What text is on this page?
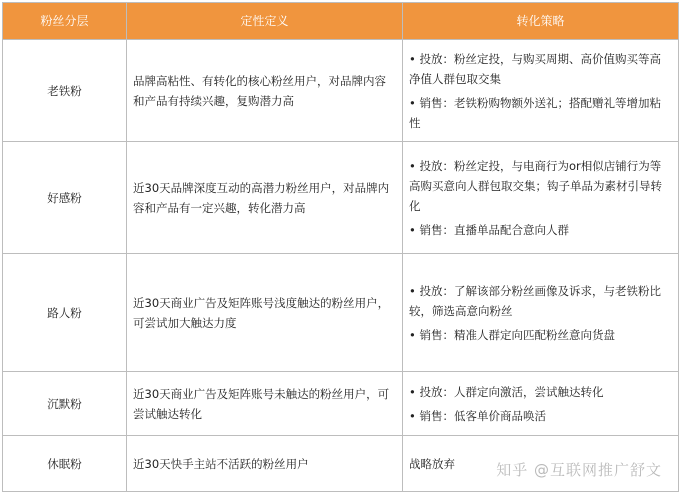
粉丝分层	定性定义	转化策略
老铁粉	品牌高粘性、有转化的核心粉丝用户，对品牌内容和产品有持续兴趣，复购潜力高	• 投放：粉丝定投，与购买周期、高价值购买等高净值人群包取交集
• 销售：老铁粉购物额外送礼；搭配赠礼等增加粘性

好感粉	近30天品牌深度互动的高潜力粉丝用户，对品牌内容和产品有一定兴趣，转化潜力高	• 投放：粉丝定投，与电商行为or相似店铺行为等高购买意向人群包取交集；钩子单品为素材引导转化
• 销售：直播单品配合意向人群

路人粉	近30天商业广告及矩阵账号浅度触达的粉丝用户，可尝试加大触达力度	• 投放：了解该部分粉丝画像及诉求，与老铁粉比较，筛选高意向粉丝
• 销售：精准人群定向匹配粉丝意向货盘

沉默粉	近30天商业广告及矩阵账号未触达的粉丝用户，可尝试触达转化	• 投放：人群定向激活，尝试触达转化
• 销售：低客单价商品唤活

休眠粉	近30天快手主站不活跃的粉丝用户	战略放弃	知乎 @互联网推广舒文
